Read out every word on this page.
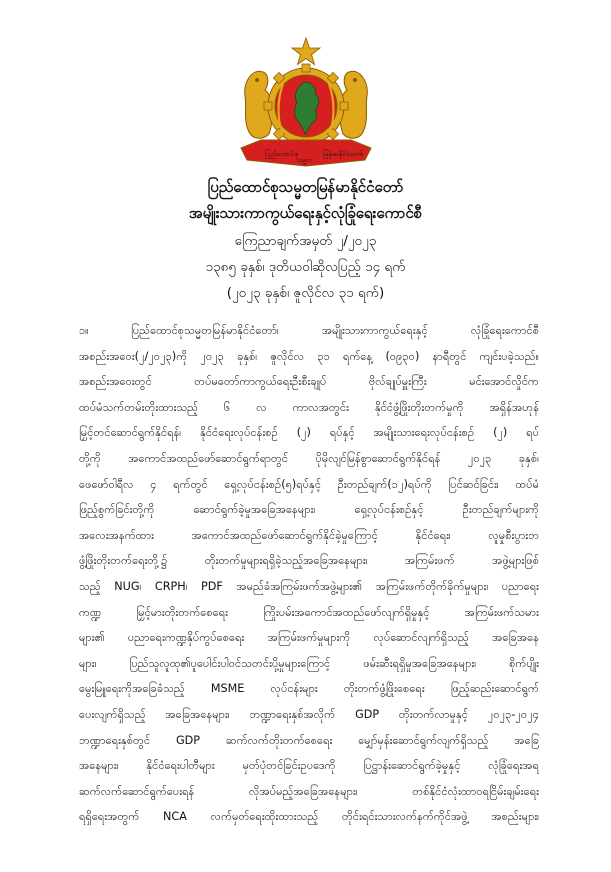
ပြည်ထောင်စု	မြန်မာနိုင်ငံတော်
သမ္မတ
ပြည်ထောင်စုသမ္မတမြန်မာနိုင်ငံတော်
အမျိုးသားကာကွယ်ရေးနှင့်လုံခြုံရေးကောင်စီ
ကြေညာချက်အမှတ် ၂/၂၀၂၃
၁၃၈၅ ခုနှစ်၊ ဒုတိယဝါဆိုလပြည့် ၁၄ ရက်
(၂၀၂၃ ခုနှစ်၊ ဇူလိုင်လ ၃၁ ရက်)
၁။	ပြည်ထောင်စုသမ္မတမြန်မာနိုင်ငံတော်၊ အမျိုးသားကာကွယ်ရေးနှင့် လုံခြုံရေးကောင်စီ
အစည်းအဝေး(၂/၂၀၂၃)ကို ၂၀၂၃ ခုနှစ်၊ ဇူလိုင်လ ၃၁ ရက်နေ့ (၀၉၃၀) နာရီတွင် ကျင်းပခဲ့သည်။
အစည်းအဝေးတွင် တပ်မတော်ကာကွယ်ရေးဦးစီးချုပ် ဗိုလ်ချုပ်မှူးကြီး မင်းအောင်လှိုင်က
ထပ်မံသက်တမ်းတိုးထားသည့် ၆ လ ကာလအတွင်း နိုင်ငံဖွံ့ဖြိုးတိုးတက်မှုကို အရှိန်အဟုန်
မြှင့်တင်ဆောင်ရွက်နိုင်ရန်၊ နိုင်ငံရေးလုပ်ငန်းစဉ် (၂) ရပ်နှင့် အမျိုးသားရေးလုပ်ငန်းစဉ် (၂) ရပ်
တို့ကို အကောင်အထည်ဖော်ဆောင်ရွက်ရာတွင် ပိုမိုလျင်မြန်စွာဆောင်ရွက်နိုင်ရန် ၂၀၂၃ ခုနှစ်၊
ဖေဖော်ဝါရီလ ၄ ရက်တွင် ရှေ့လုပ်ငန်းစဉ်(၅)ရပ်နှင့် ဦးတည်ချက်(၁၂)ရပ်ကို ပြင်ဆင်ခြင်း၊ ထပ်မံ
ဖြည့်စွက်ခြင်းတို့ကို ဆောင်ရွက်ခဲ့မှုအခြေအနေများ၊ ရှေ့လုပ်ငန်းစဉ်နှင့် ဦးတည်ချက်များကို
အလေးအနက်ထား အကောင်အထည်ဖော်ဆောင်ရွက်နိုင်ခဲ့မှုကြောင့် နိုင်ငံရေး၊ လူမှုစီးပွားဘ
ဖွံ့ဖြိုးတိုးတက်ရေးတို့၌ တိုးတက်မှုများရရှိခဲ့သည့်အခြေအနေများ၊ အကြမ်းဖက် အဖွဲ့များဖြစ်
သည့် NUG၊ CRPH၊ PDF အမည်ခံအကြမ်းဖက်အဖွဲ့များ၏ အကြမ်းဖက်တိုက်ခိုက်မှုများ၊ ပညာရေး
ကဏ္ဍ မြှင့်မားတိုးတက်စေရေး ကြိုးပမ်းအကောင်အထည်ဖော်လျက်ရှိမှုနှင့် အကြမ်းဖက်သမား
များ၏ ပညာရေးကဏ္ဍနှိပ်ကွပ်စေရေး အကြမ်းဖက်မှုများကို လုပ်ဆောင်လျက်ရှိသည့် အခြေအနေ
များ၊ ပြည်သူလူထု၏ပူပေါင်းပါဝင်သတင်းပို့မှုများကြောင့် ဖမ်းဆီးရရှိမှုအခြေအနေများ၊ စိုက်ပျိုး
မွေးမြူရေးကိုအခြေခံသည့် MSME လုပ်ငန်းများ တိုးတက်ဖွံ့ဖြိုးစေရေး ဖြည့်ဆည်းဆောင်ရွက်
ပေးလျက်ရှိသည့် အခြေအနေများ၊ ဘဏ္ဍာရေးနှစ်အလိုက် GDP တိုးတက်လာမှုနှင့် ၂၀၂၃-၂၀၂၄
ဘဏ္ဍာရေးနှစ်တွင် GDP ဆက်လက်တိုးတက်စေရေး မျှော်မှန်းဆောင်ရွက်လျက်ရှိသည့် အခြေ
အနေများ၊ နိုင်ငံရေးပါတီများ မှတ်ပုံတင်ခြင်းဥပဒေကို ပြဋ္ဌာန်းဆောင်ရွက်ခဲ့မှုနှင့် လုံခြုံရေးအရ
ဆက်လက်ဆောင်ရွက်ပေးရန် လိုအပ်မည့်အခြေအနေများ၊ တစ်နိုင်ငံလုံးထာဝရငြိမ်းချမ်းရေး
ရရှိရေးအတွက် NCA လက်မှတ်ရေးထိုးထားသည့် တိုင်းရင်းသားလက်နက်ကိုင်အဖွဲ့ အစည်းများ၊
